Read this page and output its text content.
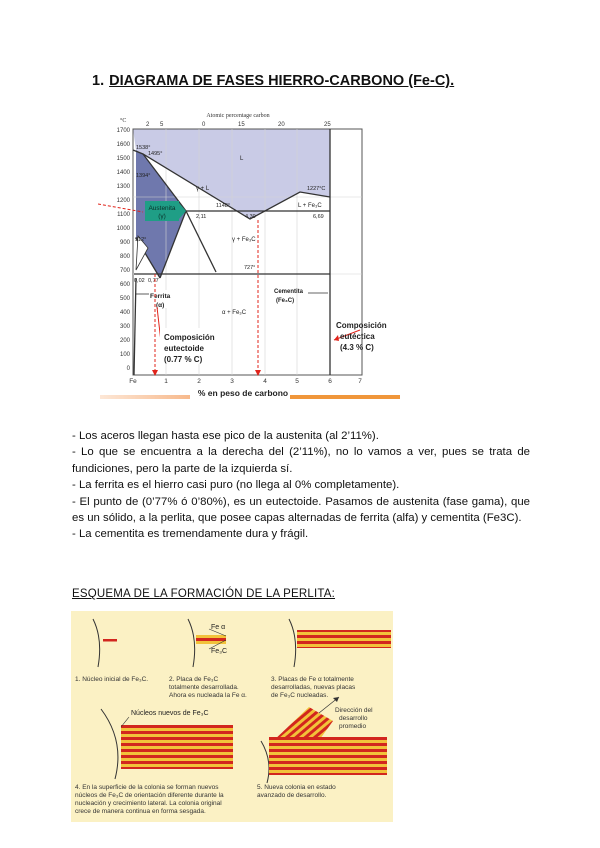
1. DIAGRAMA DE FASES HIERRO-CARBONO (Fe-C).
Atomic percentage carbon
2 5	0	15	20	25
°C
1700
1600
1500
1400
1300
1200
1100
1000
900
800
700
600
500
400
300
200
100
0
Fe	1	2	3	4	5	6	7
% en peso de carbono
1538°
1495°
1394°
1148°
1227°C
912°
727°
2,11	4,30	6,69
0,02 0,77
L
γ + L
L + Fe₃C
γ + Fe₃C
α + Fe₃C
Austenita
(γ)
Ferrita
(α)
Cementita
(Fe₃C)
Composición
eutectoide
(0.77 % C)
Composición
eutéctica
(4.3 % C)

- Los aceros llegan hasta ese pico de la austenita (al 2’11%).

- Lo que se encuentra a la derecha del (2’11%), no lo vamos a ver, pues se trata de fundiciones, pero la parte de la izquierda sí.

- La ferrita es el hierro casi puro (no llega al 0% completamente).

- El punto de (0’77% ó 0’80%), es un eutectoide. Pasamos de austenita (fase gama), que es un sólido, a la perlita, que posee capas alternadas de ferrita (alfa) y cementita (Fe3C).

- La cementita es tremendamente dura y frágil.

ESQUEMA DE LA FORMACIÓN DE LA PERLITA:
Fe α
Fe₃C
1. Núcleo inicial de Fe₃C.	2. Placa de Fe₃C
totalmente desarrollada.
Ahora es nucleada la Fe α.
3. Placas de Fe α totalmente
desarrolladas, nuevas placas
de Fe₃C nucleadas.
Núcleos nuevos de Fe₃C	Dirección del
desarrollo
promedio
4. En la superficie de la colonia se forman nuevos
núcleos de Fe₃C de orientación diferente durante la
nucleación y crecimiento lateral. La colonia original
crece de manera continua en forma sesgada.
5. Nueva colonia en estado
avanzado de desarrollo.
